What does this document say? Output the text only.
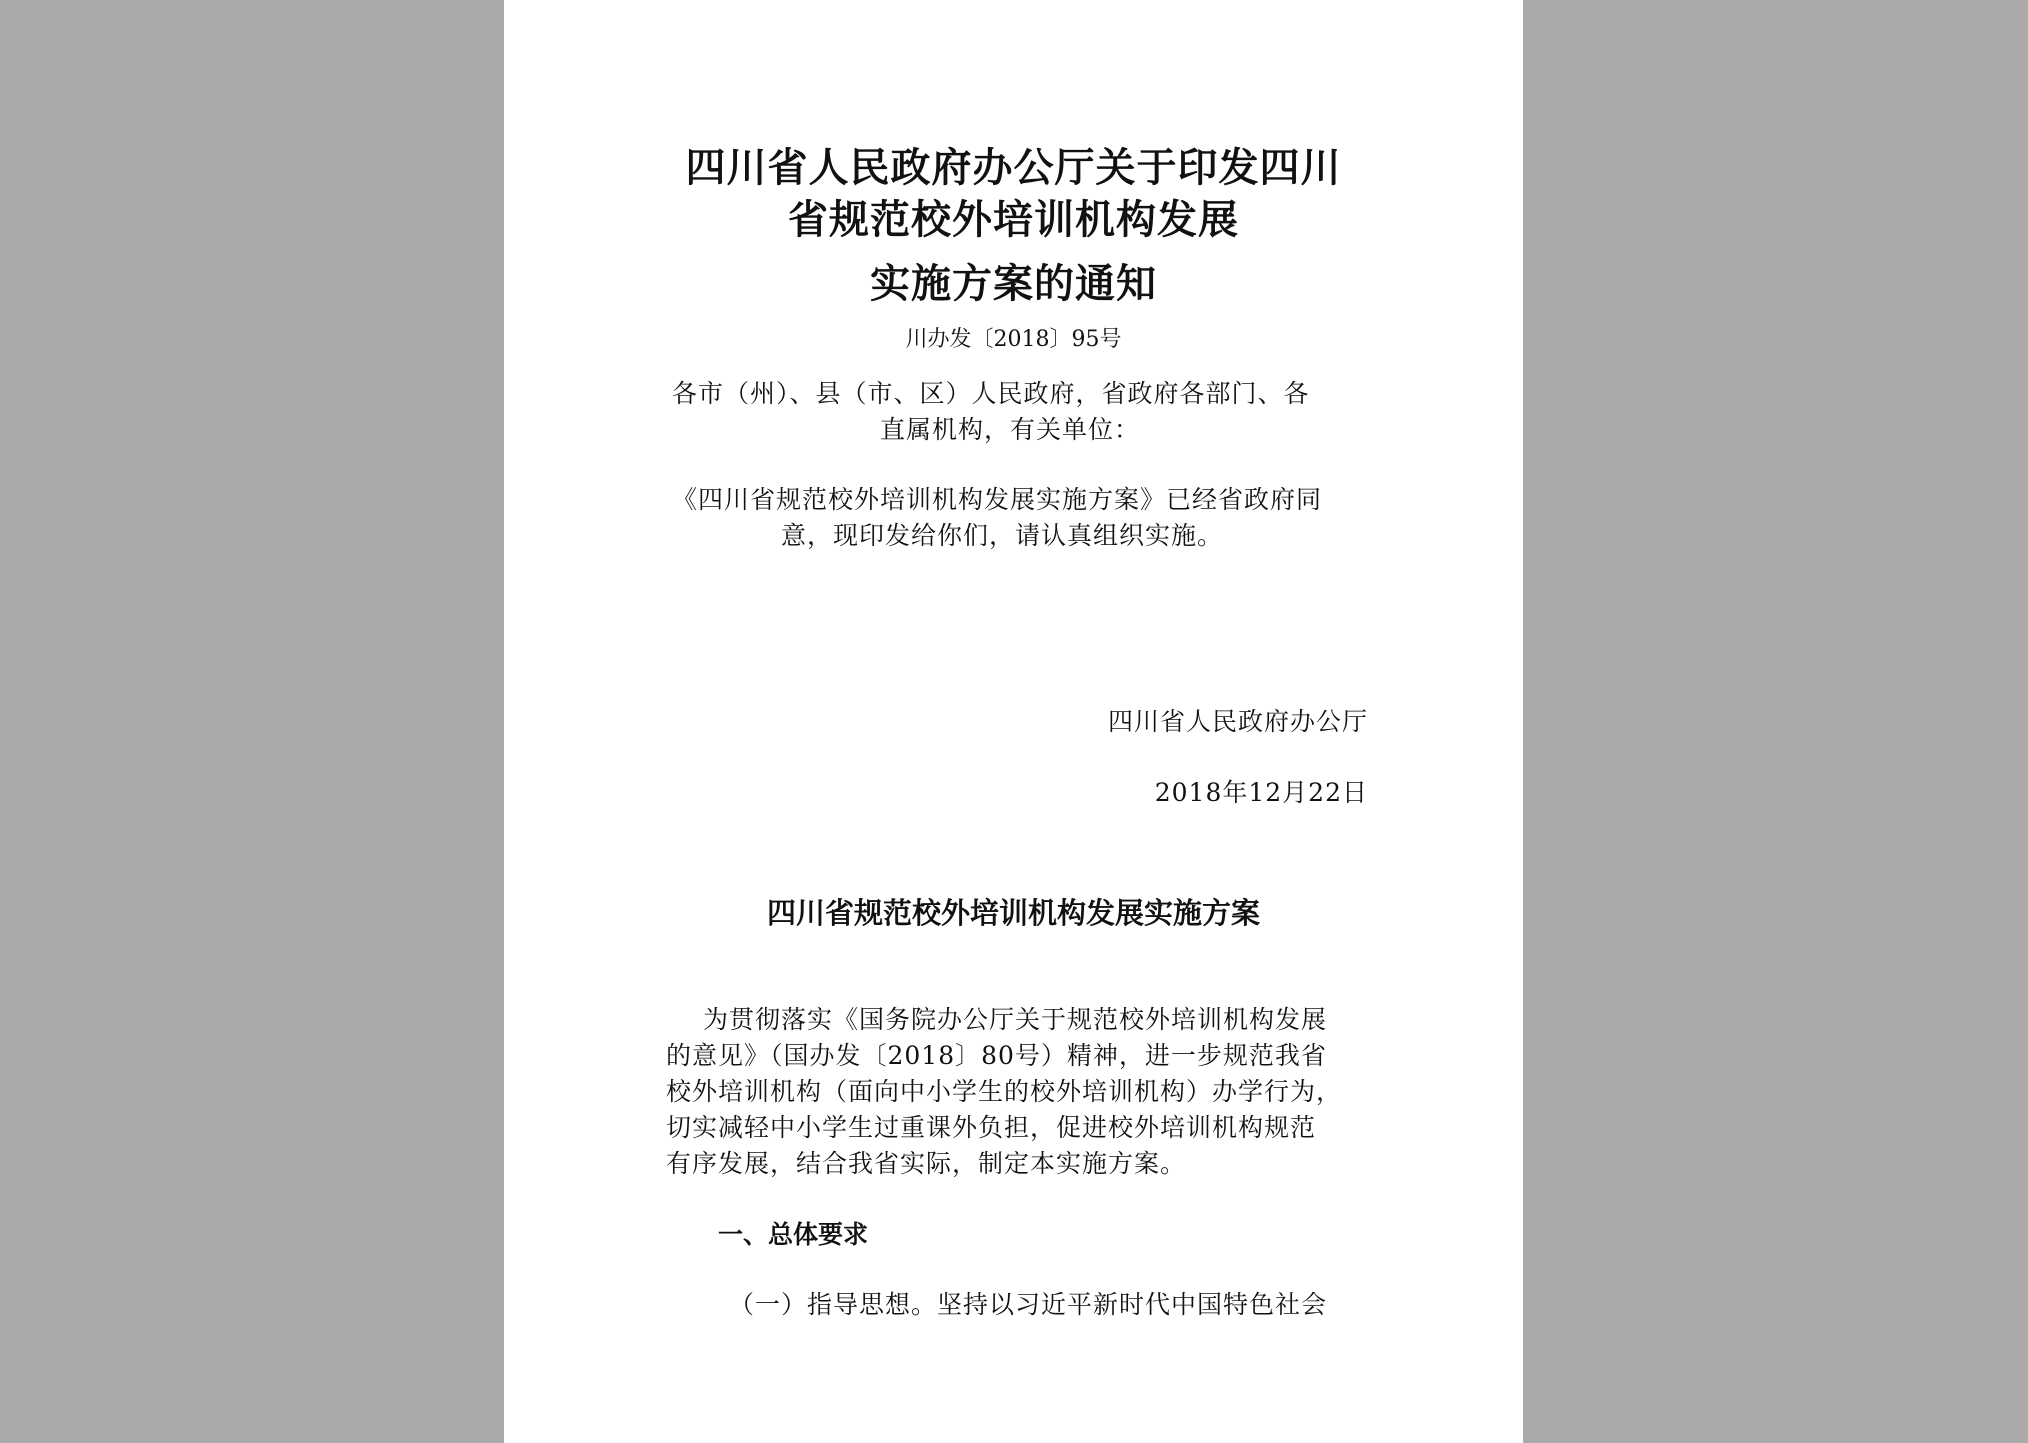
四川省人民政府办公厅关于印发四川

省规范校外培训机构发展

实施方案的通知

川办发〔2018〕95号

各市（州）、县（市、区）人民政府，省政府各部门、各

直属机构，有关单位：

《四川省规范校外培训机构发展实施方案》已经省政府同

意，现印发给你们，请认真组织实施。

四川省人民政府办公厅

2018年12月22日

四川省规范校外培训机构发展实施方案

为贯彻落实《国务院办公厅关于规范校外培训机构发展

的意见》（国办发〔2018〕80号）精神，进一步规范我省

校外培训机构（面向中小学生的校外培训机构）办学行为，

切实减轻中小学生过重课外负担，促进校外培训机构规范

有序发展，结合我省实际，制定本实施方案。

一、总体要求

（一）指导思想。坚持以习近平新时代中国特色社会
